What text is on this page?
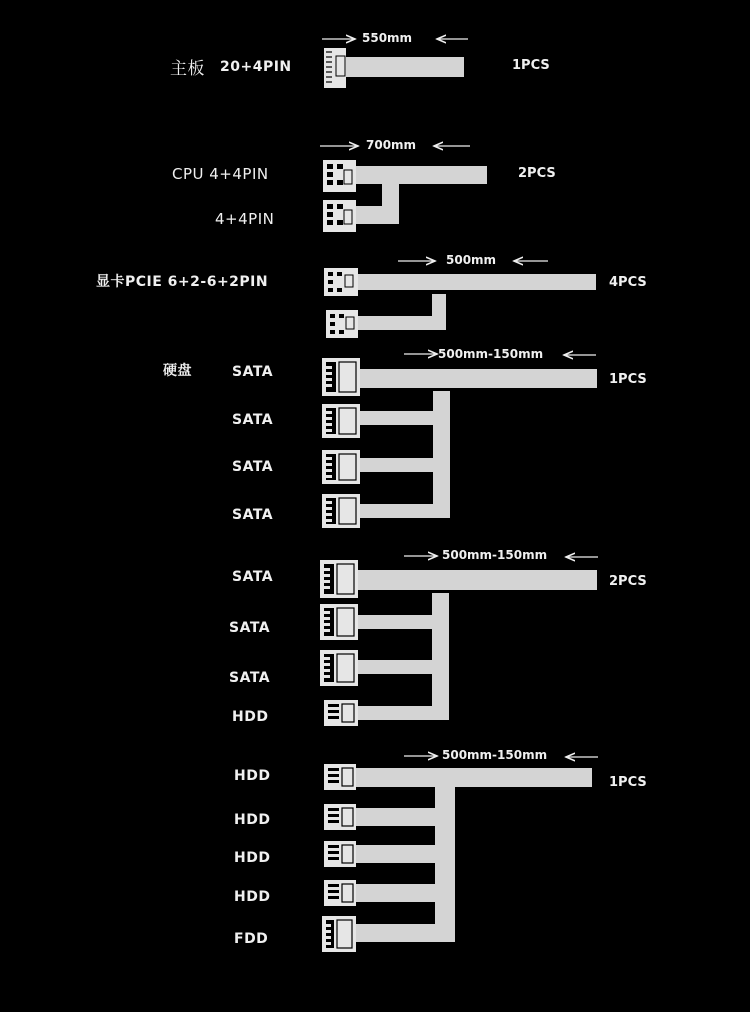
主板 20+4PIN
550mm
1PCS
CPU 4+4PIN
4+4PIN
700mm
2PCS
显卡PCIE 6+2-6+2PIN
500mm
4PCS
硬盘	SATA
SATA
SATA
SATA
500mm-150mm
1PCS
SATA
SATA
SATA
HDD
500mm-150mm
2PCS
HDD
HDD
HDD
HDD
FDD
500mm-150mm
1PCS
